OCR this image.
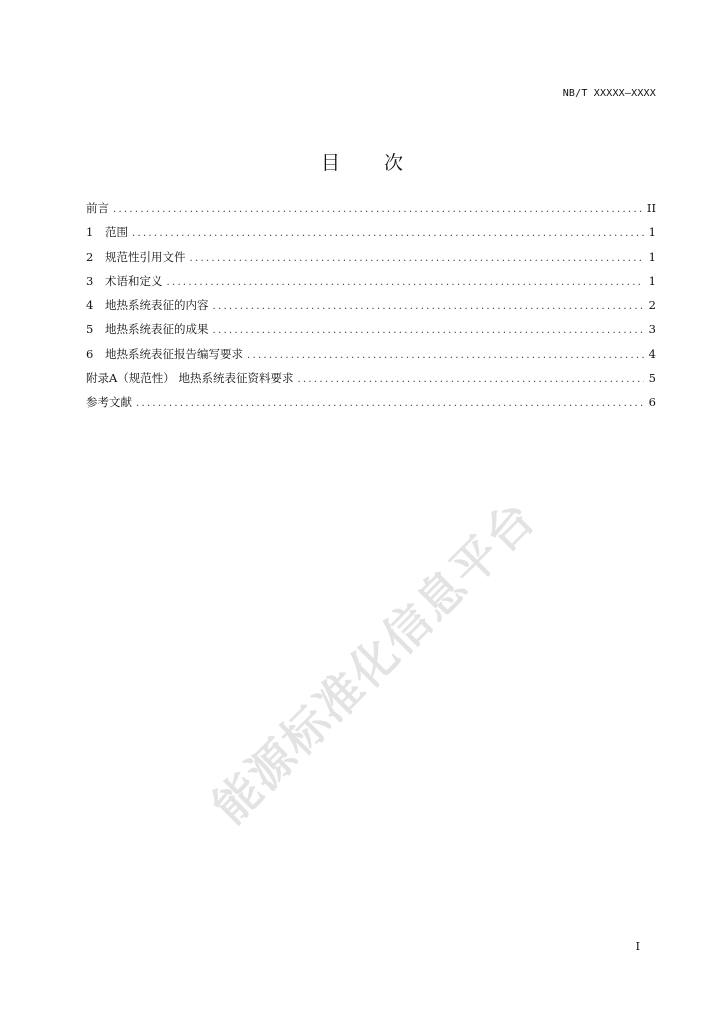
NB/T XXXXX—XXXX
目 次
前言 .....	II
1	范围 .....	1
2	规范性引用文件 .....	1
3	术语和定义 .....	1
4	地热系统表征的内容 .....	2
5	地热系统表征的成果 .....	3
6	地热系统表征报告编写要求 .....	4
附录A（规范性） 地热系统表征资料要求 .....	5
参考文献 .....	6
能源标准化信息平台
I
